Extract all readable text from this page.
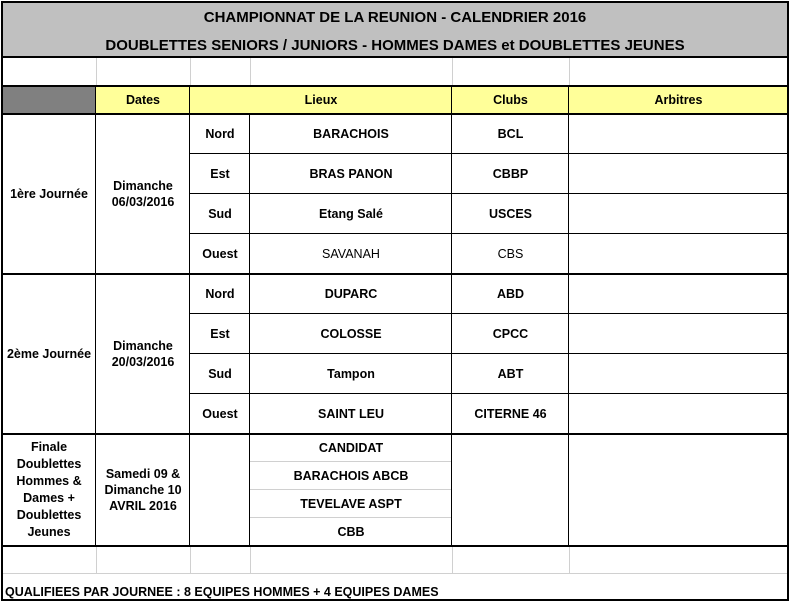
CHAMPIONNAT DE LA REUNION - CALENDRIER 2016
DOUBLETTES SENIORS / JUNIORS - HOMMES DAMES et DOUBLETTES JEUNES
Dates	Lieux	Clubs	Arbitres
1ère Journée
Dimanche 06/03/2016
Nord	BARACHOIS	BCL
Est	BRAS PANON	CBBP
Sud	Etang Salé	USCES
Ouest	SAVANAH	CBS
2ème Journée
Dimanche 20/03/2016
Nord	DUPARC	ABD
Est	COLOSSE	CPCC
Sud	Tampon	ABT
Ouest	SAINT LEU	CITERNE 46
Finale Doublettes Hommes & Dames + Doublettes Jeunes
Samedi 09 & Dimanche 10 AVRIL 2016
CANDIDAT
BARACHOIS ABCB
TEVELAVE ASPT
CBB
QUALIFIEES PAR JOURNEE : 8 EQUIPES HOMMES + 4 EQUIPES DAMES
